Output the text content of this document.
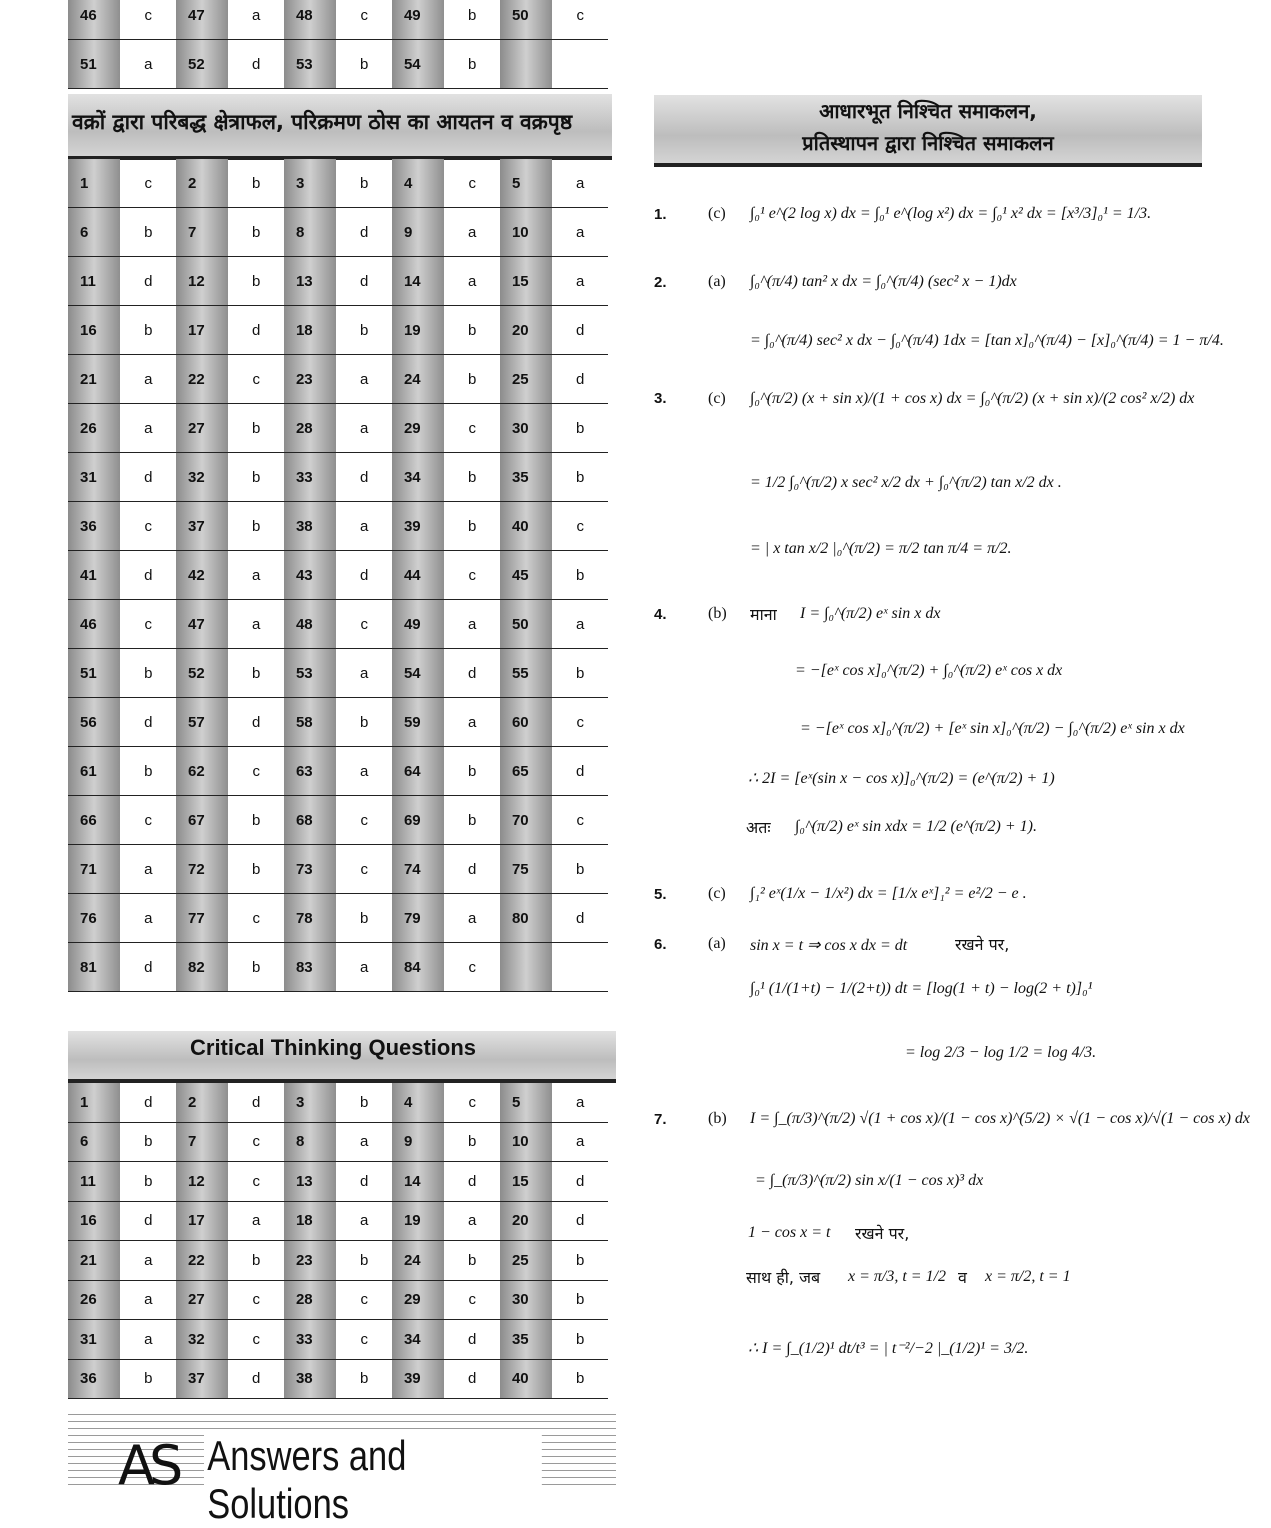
46	c	47	a	48	c	49	b	50	c
51	a	52	d	53	b	54	b		
वक्रों द्वारा परिबद्ध क्षेत्राफल, परिक्रमण ठोस का आयतन व वक्रपृष्ठ
1	c	2	b	3	b	4	c	5	a
6	b	7	b	8	d	9	a	10	a
11	d	12	b	13	d	14	a	15	a
16	b	17	d	18	b	19	b	20	d
21	a	22	c	23	a	24	b	25	d
26	a	27	b	28	a	29	c	30	b
31	d	32	b	33	d	34	b	35	b
36	c	37	b	38	a	39	b	40	c
41	d	42	a	43	d	44	c	45	b
46	c	47	a	48	c	49	a	50	a
51	b	52	b	53	a	54	d	55	b
56	d	57	d	58	b	59	a	60	c
61	b	62	c	63	a	64	b	65	d
66	c	67	b	68	c	69	b	70	c
71	a	72	b	73	c	74	d	75	b
76	a	77	c	78	b	79	a	80	d
81	d	82	b	83	a	84	c		
Critical Thinking Questions
1	d	2	d	3	b	4	c	5	a
6	b	7	c	8	a	9	b	10	a
11	b	12	c	13	d	14	d	15	d
16	d	17	a	18	a	19	a	20	d
21	a	22	b	23	b	24	b	25	b
26	a	27	c	28	c	29	c	30	b
31	a	32	c	33	c	34	d	35	b
36	b	37	d	38	b	39	d	40	b
AS Answers and Solutions
आधारभूत निश्चित समाकलन,
प्रतिस्थापन द्वारा निश्चित समाकलन
1.	(c) ∫₀¹ e^(2 log x) dx = ∫₀¹ e^(log x²) dx = ∫₀¹ x² dx = [x³/3]₀¹ = 1/3.
2.	(a) ∫₀^(π/4) tan² x dx = ∫₀^(π/4) (sec² x − 1)dx
= ∫₀^(π/4) sec² x dx − ∫₀^(π/4) 1dx = [tan x]₀^(π/4) − [x]₀^(π/4) = 1 − π/4.
3.	(c) ∫₀^(π/2) (x + sin x)/(1 + cos x) dx = ∫₀^(π/2) (x + sin x)/(2 cos² x/2) dx
= 1/2 ∫₀^(π/2) x sec² x/2 dx + ∫₀^(π/2) tan x/2 dx .
= | x tan x/2 |₀^(π/2) = π/2 tan π/4 = π/2.
4.	(b) माना I = ∫₀^(π/2) eˣ sin x dx
= −[eˣ cos x]₀^(π/2) + ∫₀^(π/2) eˣ cos x dx
= −[eˣ cos x]₀^(π/2) + [eˣ sin x]₀^(π/2) − ∫₀^(π/2) eˣ sin x dx
∴ 2I = [eˣ(sin x − cos x)]₀^(π/2) = (e^(π/2) + 1)
अतः ∫₀^(π/2) eˣ sin xdx = 1/2 (e^(π/2) + 1).
5.	(c) ∫₁² eˣ(1/x − 1/x²) dx = [1/x eˣ]₁² = e²/2 − e .
6.	(a) sin x = t ⇒ cos x dx = dt	रखने पर,
∫₀¹ (1/(1+t) − 1/(2+t)) dt = [log(1 + t) − log(2 + t)]₀¹
= log 2/3 − log 1/2 = log 4/3.
7.	(b) I = ∫_(π/3)^(π/2) √(1 + cos x)/(1 − cos x)^(5/2) × √(1 − cos x)/√(1 − cos x) dx
= ∫_(π/3)^(π/2) sin x/(1 − cos x)³ dx
1 − cos x = t रखने पर,
साथ ही, जब x = π/3, t = 1/2 व x = π/2, t = 1
∴ I = ∫_(1/2)¹ dt/t³ = | t⁻²/−2 |_(1/2)¹ = 3/2.
